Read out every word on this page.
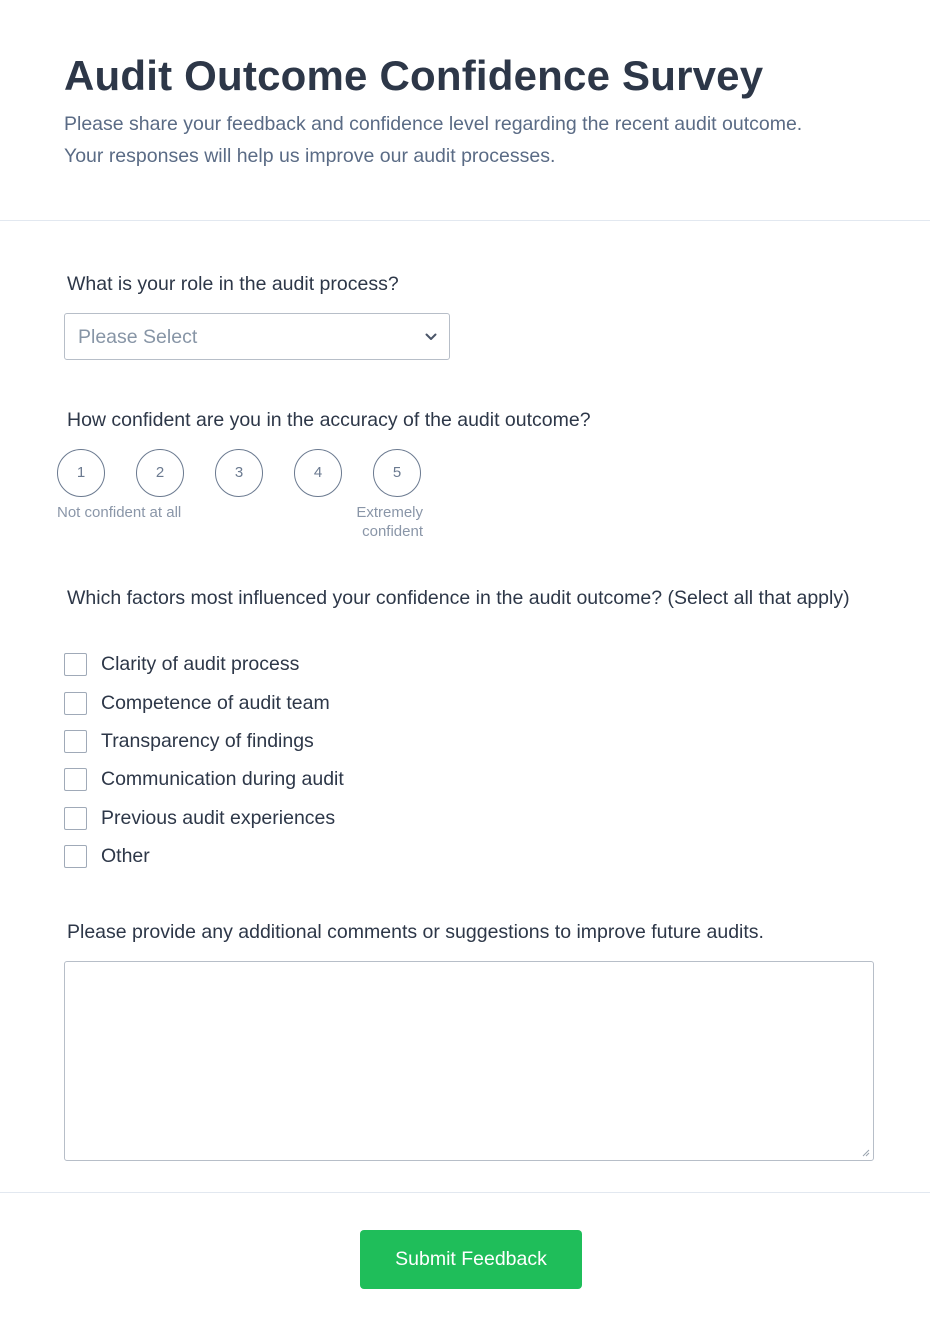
Audit Outcome Confidence Survey

Please share your feedback and confidence level regarding the recent audit outcome. Your responses will help us improve our audit processes.

What is your role in the audit process?

Please Select

How confident are you in the accuracy of the audit outcome?

1	2	3	4	5
Not confident at all	Extremely confident

Which factors most influenced your confidence in the audit outcome? (Select all that apply)

Clarity of audit process
Competence of audit team
Transparency of findings
Communication during audit
Previous audit experiences
Other

Please provide any additional comments or suggestions to improve future audits.

Submit Feedback
